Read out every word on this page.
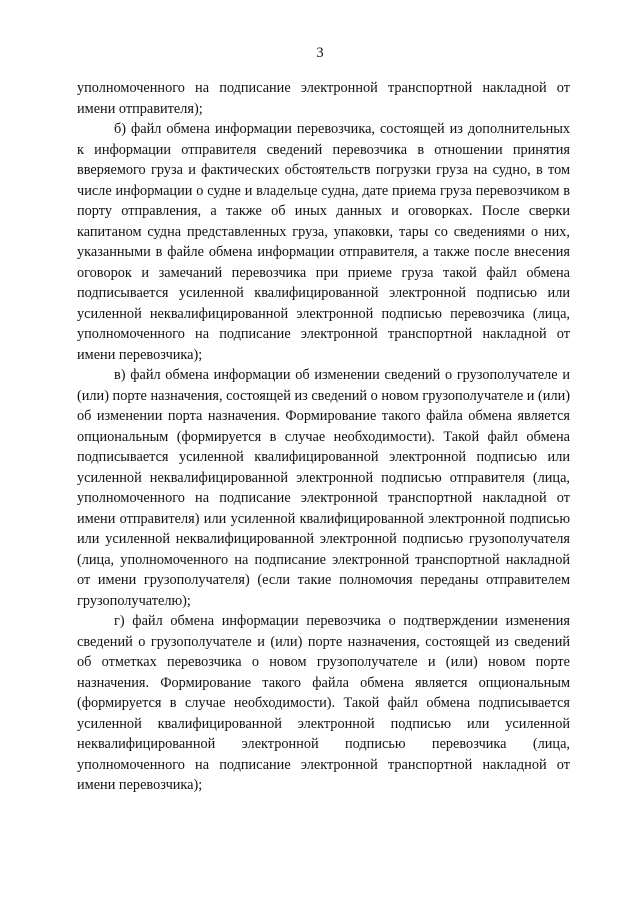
3

уполномоченного на подписание электронной транспортной накладной от имени отправителя);

б) файл обмена информации перевозчика, состоящей из дополнительных к информации отправителя сведений перевозчика в отношении принятия вверяемого груза и фактических обстоятельств погрузки груза на судно, в том числе информации о судне и владельце судна, дате приема груза перевозчиком в порту отправления, а также об иных данных и оговорках. После сверки капитаном судна представленных груза, упаковки, тары со сведениями о них, указанными в файле обмена информации отправителя, а также после внесения оговорок и замечаний перевозчика при приеме груза такой файл обмена подписывается усиленной квалифицированной электронной подписью или усиленной неквалифицированной электронной подписью перевозчика (лица, уполномоченного на подписание электронной транспортной накладной от имени перевозчика);

в) файл обмена информации об изменении сведений о грузополучателе и (или) порте назначения, состоящей из сведений о новом грузополучателе и (или) об изменении порта назначения. Формирование такого файла обмена является опциональным (формируется в случае необходимости). Такой файл обмена подписывается усиленной квалифицированной электронной подписью или усиленной неквалифицированной электронной подписью отправителя (лица, уполномоченного на подписание электронной транспортной накладной от имени отправителя) или усиленной квалифицированной электронной подписью или усиленной неквалифицированной электронной подписью грузополучателя (лица, уполномоченного на подписание электронной транспортной накладной от имени грузополучателя) (если такие полномочия переданы отправителем грузополучателю);

г) файл обмена информации перевозчика о подтверждении изменения сведений о грузополучателе и (или) порте назначения, состоящей из сведений об отметках перевозчика о новом грузополучателе и (или) новом порте назначения. Формирование такого файла обмена является опциональным (формируется в случае необходимости). Такой файл обмена подписывается усиленной квалифицированной электронной подписью или усиленной неквалифицированной электронной подписью перевозчика (лица, уполномоченного на подписание электронной транспортной накладной от имени перевозчика);
